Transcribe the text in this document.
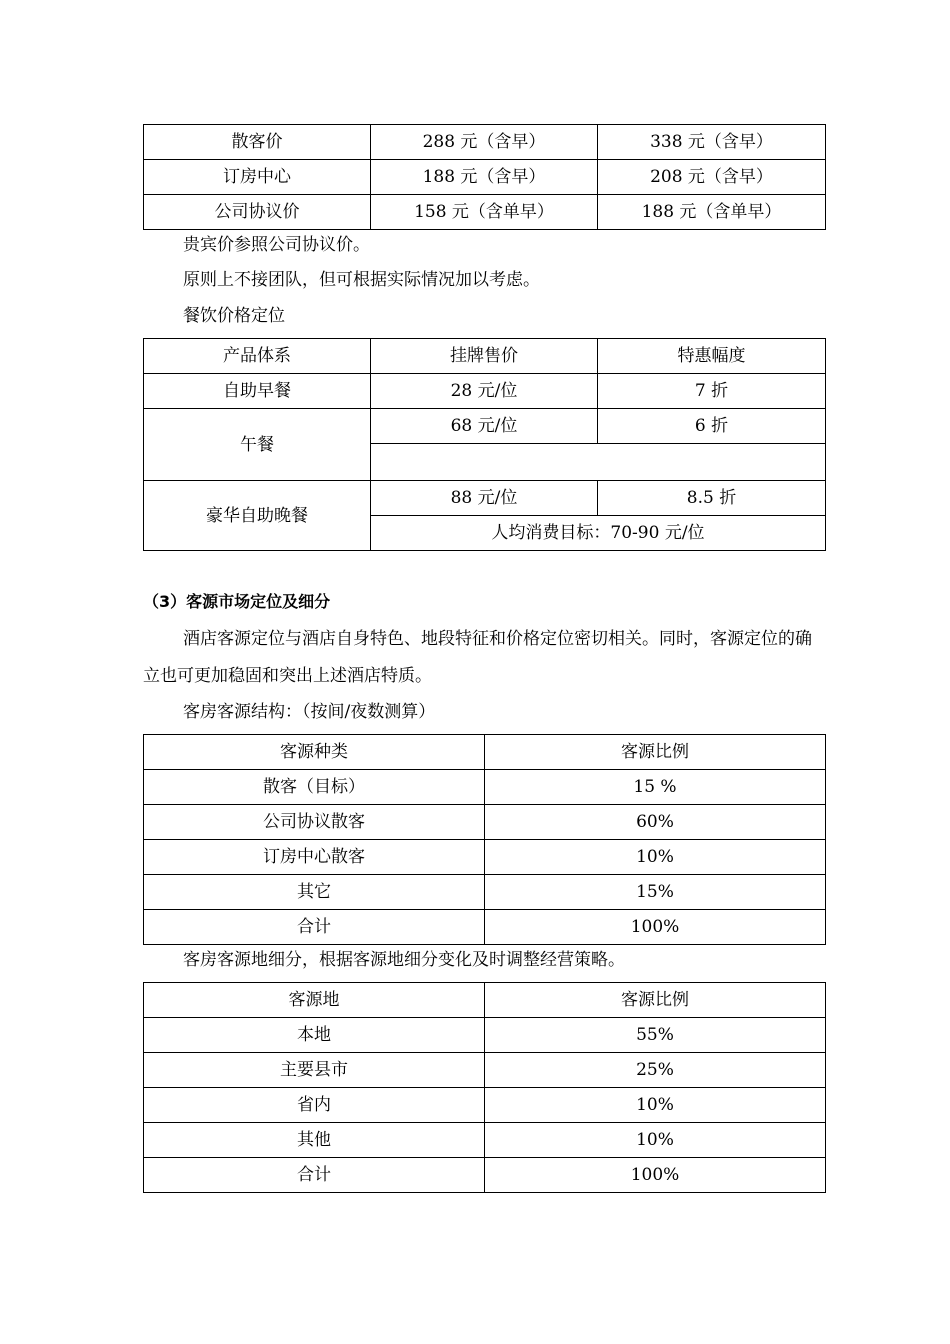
散客价	288 元（含早）	338 元（含早）
订房中心	188 元（含早）	208 元（含早）
公司协议价	158 元（含单早）	188 元（含单早）
贵宾价参照公司协议价。
原则上不接团队，但可根据实际情况加以考虑。
餐饮价格定位
产品体系	挂牌售价	特惠幅度
自助早餐	28 元/位	7 折
午餐	68 元/位	6 折

豪华自助晚餐	88 元/位	8.5 折
	人均消费目标：70-90 元/位	
（3）客源市场定位及细分
酒店客源定位与酒店自身特色、地段特征和价格定位密切相关。同时，客源定位的确立也可更加稳固和突出上述酒店特质。
客房客源结构：（按间/夜数测算）
客源种类	客源比例
散客（目标）	15 %
公司协议散客	60%
订房中心散客	10%
其它	15%
合计	100%
客房客源地细分，根据客源地细分变化及时调整经营策略。
客源地	客源比例
本地	55%
主要县市	25%
省内	10%
其他	10%
合计	100%
